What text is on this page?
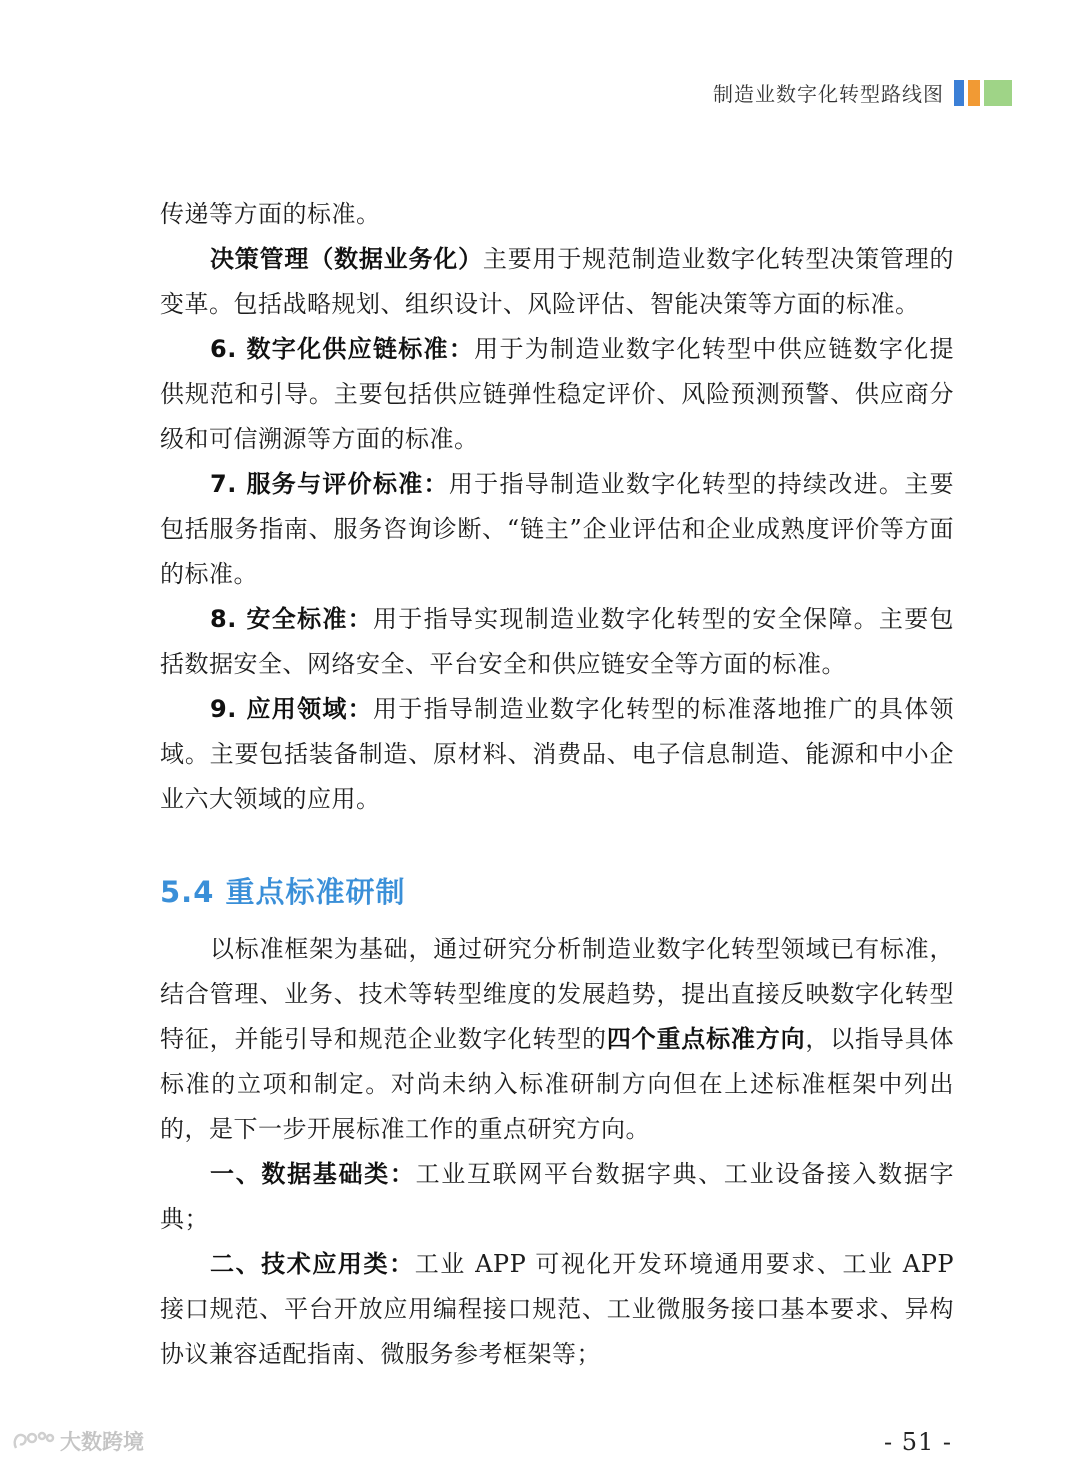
制造业数字化转型路线图

传递等方面的标准。

决策管理（数据业务化）主要用于规范制造业数字化转型决策管理的变革。包括战略规划、组织设计、风险评估、智能决策等方面的标准。

6. 数字化供应链标准：用于为制造业数字化转型中供应链数字化提供规范和引导。主要包括供应链弹性稳定评价、风险预测预警、供应商分级和可信溯源等方面的标准。

7. 服务与评价标准：用于指导制造业数字化转型的持续改进。主要包括服务指南、服务咨询诊断、“链主”企业评估和企业成熟度评价等方面的标准。

8. 安全标准：用于指导实现制造业数字化转型的安全保障。主要包括数据安全、网络安全、平台安全和供应链安全等方面的标准。

9. 应用领域：用于指导制造业数字化转型的标准落地推广的具体领域。主要包括装备制造、原材料、消费品、电子信息制造、能源和中小企业六大领域的应用。

5.4 重点标准研制

以标准框架为基础，通过研究分析制造业数字化转型领域已有标准，结合管理、业务、技术等转型维度的发展趋势，提出直接反映数字化转型特征，并能引导和规范企业数字化转型的四个重点标准方向，以指导具体标准的立项和制定。对尚未纳入标准研制方向但在上述标准框架中列出的，是下一步开展标准工作的重点研究方向。

一、数据基础类：工业互联网平台数据字典、工业设备接入数据字典；

二、技术应用类：工业 APP 可视化开发环境通用要求、工业 APP 接口规范、平台开放应用编程接口规范、工业微服务接口基本要求、异构协议兼容适配指南、微服务参考框架等；

大数跨境	- 51 -
